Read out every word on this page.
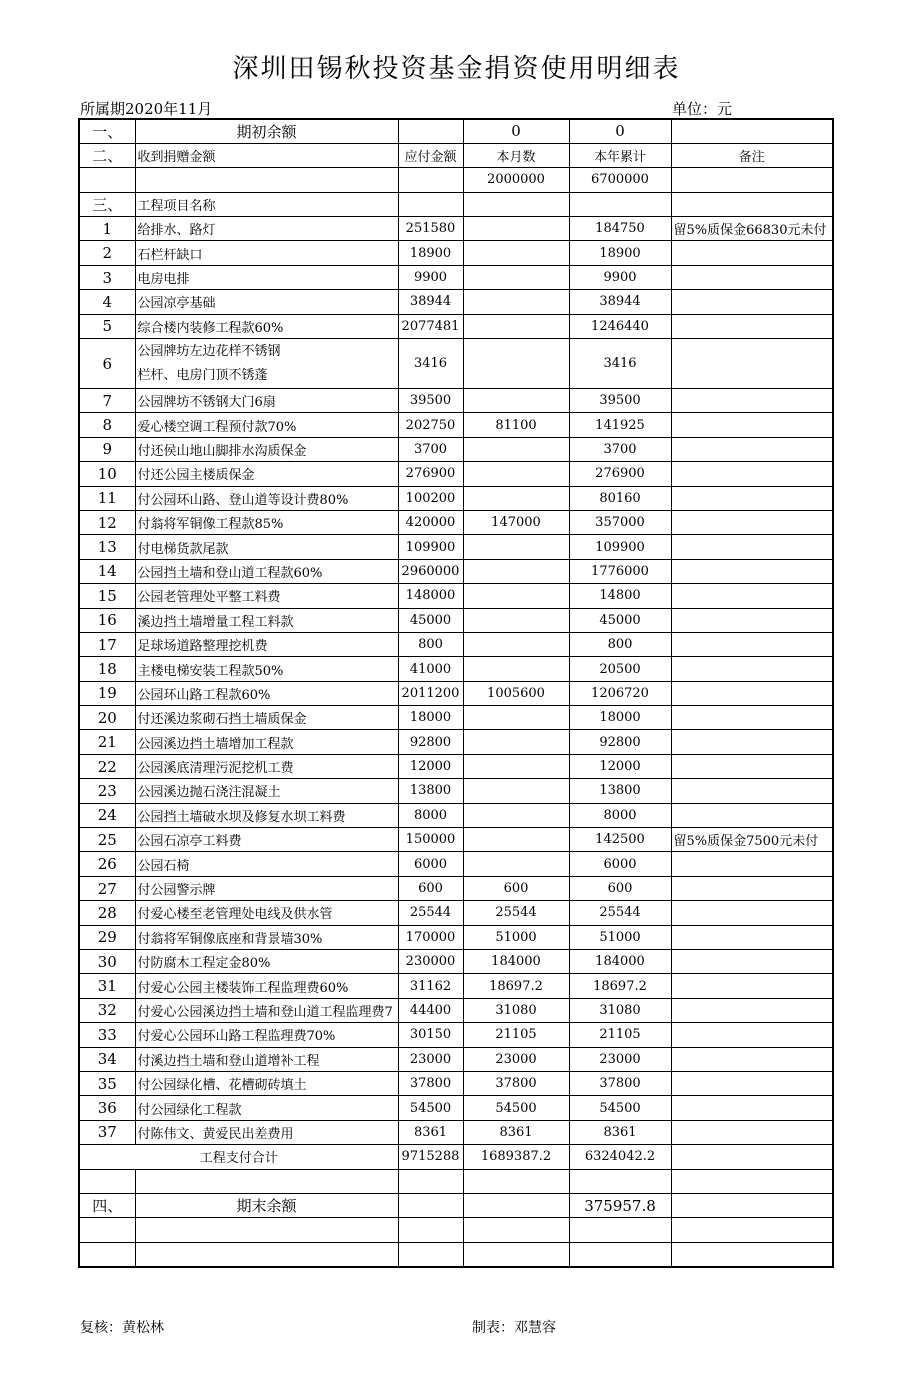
深圳田锡秋投资基金捐资使用明细表
所属期2020年11月	单位：元
一、	期初余额		0	0	
二、	收到捐赠金额	应付金额	本月数	本年累计	备注
			2000000	6700000	
三、	工程项目名称				
1	给排水、路灯	251580		184750	留5%质保金66830元未付
2	石栏杆缺口	18900		18900	
3	电房电排	9900		9900	
4	公园凉亭基础	38944		38944	
5	综合楼内装修工程款60%	2077481		1246440	
6	公园牌坊左边花样不锈钢
栏杆、电房门顶不锈蓬	3416		3416	
7	公园牌坊不锈钢大门6扇	39500		39500	
8	爱心楼空调工程预付款70%	202750	81100	141925	
9	付还侯山地山脚排水沟质保金	3700		3700	
10	付还公园主楼质保金	276900		276900	
11	付公园环山路、登山道等设计费80%	100200		80160	
12	付翁将军铜像工程款85%	420000	147000	357000	
13	付电梯货款尾款	109900		109900	
14	公园挡土墙和登山道工程款60%	2960000		1776000	
15	公园老管理处平整工料费	148000		14800	
16	溪边挡土墙增量工程工料款	45000		45000	
17	足球场道路整理挖机费	800		800	
18	主楼电梯安装工程款50%	41000		20500	
19	公园环山路工程款60%	2011200	1005600	1206720	
20	付还溪边浆砌石挡土墙质保金	18000		18000	
21	公园溪边挡土墙增加工程款	92800		92800	
22	公园溪底清理污泥挖机工费	12000		12000	
23	公园溪边抛石浇注混凝土	13800		13800	
24	公园挡土墙破水坝及修复水坝工料费	8000		8000	
25	公园石凉亭工料费	150000		142500	留5%质保金7500元未付
26	公园石椅	6000		6000	
27	付公园警示牌	600	600	600	
28	付爱心楼至老管理处电线及供水管	25544	25544	25544	
29	付翁将军铜像底座和背景墙30%	170000	51000	51000	
30	付防腐木工程定金80%	230000	184000	184000	
31	付爱心公园主楼装饰工程监理费60%	31162	18697.2	18697.2	
32	付爱心公园溪边挡土墙和登山道工程监理费7	44400	31080	31080	
33	付爱心公园环山路工程监理费70%	30150	21105	21105	
34	付溪边挡土墙和登山道增补工程	23000	23000	23000	
35	付公园绿化槽、花槽砌砖填土	37800	37800	37800	
36	付公园绿化工程款	54500	54500	54500	
37	付陈伟文、黄爱民出差费用	8361	8361	8361	
工程支付合计		9715288	1689387.2	6324042.2	

四、	期末余额			375957.8	

复核：黄松林	制表：邓慧容
